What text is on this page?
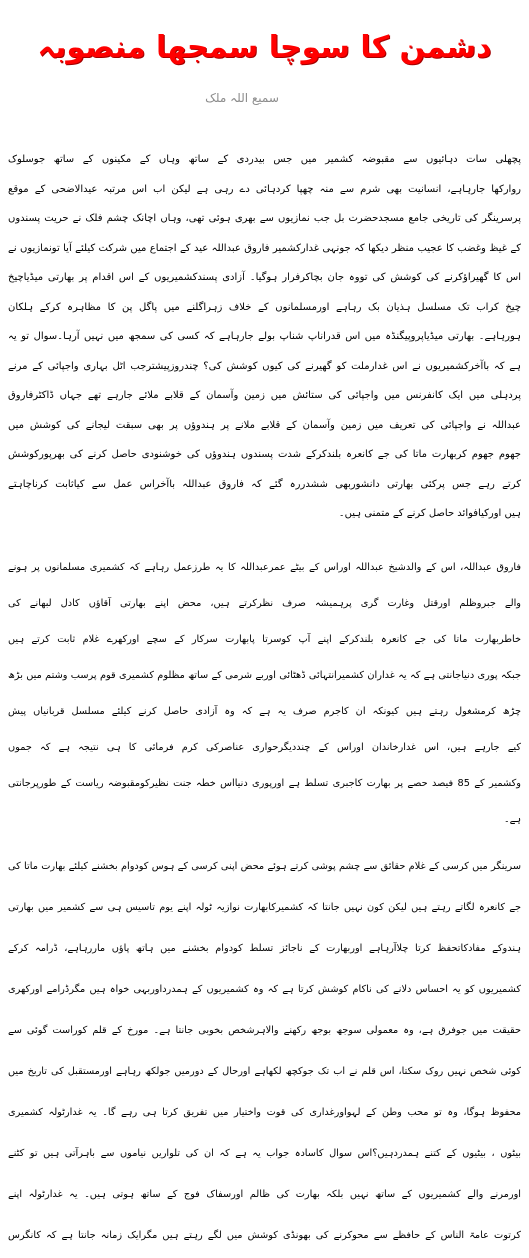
دشمن کا سوچا سمجھا منصوبہ
سمیع اللہ ملک
پچھلی سات دہائیوں سے مقبوضہ کشمیر میں جس بیدردی کے ساتھ وہاں کے مکینوں کے ساتھ جوسلوک
روارکھا جارہاہے، انسانیت بھی شرم سے منہ چھپا کردہائی دے رہی ہے لیکن اب اس مرتبہ عیدالاضحی کے موقع
پرسرینگر کی تاریخی جامع مسجدحضرت بل جب نمازیوں سے بھری ہوئی تھی، وہاں اچانک چشم فلک نے حریت پسندوں
کے غیظ وغضب کا عجیب منظر دیکھا کہ جونہی غدارکشمیر فاروق عبداللہ عید کے اجتماع میں شرکت کیلئے آیا تونمازیوں نے
اس کا گھیراؤکرنے کی کوشش کی تووہ جان بچاکرفرار ہوگیا۔ آزادی پسندکشمیریوں کے اس اقدام پر بھارتی میڈیاچیخ
چیخ کراب تک مسلسل ہذیان بک رہاہے اورمسلمانوں کے خلاف زہراگلنے میں پاگل پن کا مظاہرہ کرکے ہلکان
ہورہاہے۔ بھارتی میڈیاپروپیگنڈہ میں اس قدراناپ شناپ بولے جارہاہے کہ کسی کی سمجھ میں نہیں آرہا۔سوال تو یہ
ہے کہ باآخرکشمیریوں نے اس غدارملت کو گھیرنے کی کیوں کوشش کی؟ چندروزپیشترجب اٹل بہاری واجپائی کے مرنے
پردہلی میں ایک کانفرنس میں واجپائی کی ستائش میں زمین وآسمان کے قلابے ملائے جارہے تھے جہاں ڈاکٹرفاروق
عبداللہ نے واجپائی کی تعریف میں زمین وآسمان کے قلابے ملانے پر ہندوؤں پر بھی سبقت لیجانے کی کوشش میں
جھوم جھوم کربھارت ماتا کی جے کانعرہ بلندکرکے شدت پسندوں ہندوؤں کی خوشنودی حاصل کرنے کی بھرپورکوشش
کرتے رہے جس پرکئی بھارتی دانشوربھی ششدررہ گئے کہ فاروق عبداللہ باآخراس عمل سے کیاثابت کرناچاہتے
ہیں اورکیافوائد حاصل کرنے کے متمنی ہیں۔
فاروق عبداللہ، اس کے والدشیخ عبداللہ اوراس کے بیٹے عمرعبداللہ کا یہ طرزعمل رہاہے کہ کشمیری مسلمانوں پر ہونے
والے جبروظلم اورقتل وغارت گری پرہمیشہ صرف نظرکرتے ہیں، محض اپنے بھارتی آقاؤں کادل لبھانے کی
خاطربھارت ماتا کی جے کانعرہ بلندکرکے اپنے آپ کوسرتا پابھارت سرکار کے سچے اورکھرے غلام ثابت کرتے ہیں
جبکہ پوری دنیاجانتی ہے کہ یہ غداران کشمیرانتہائی ڈھٹائی اوربے شرمی کے ساتھ مظلوم کشمیری قوم پرسب وشتم میں بڑھ
چڑھ کرمشغول رہتے ہیں کیونکہ ان کاجرم صرف یہ ہے کہ وہ آزادی حاصل کرنے کیلئے مسلسل قربانیاں پیش
کیے جارہے ہیں، اس غدارخاندان اوراس کے چنددیگرحواری عناصرکی کرم فرمائی کا ہی نتیجہ ہے کہ جموں
وکشمیر کے 85 فیصد حصے پر بھارت کاجبری تسلط ہے اورپوری دنیااس خطہ جنت نظیرکومقبوضہ ریاست کے طورپرجانتی
ہے۔
سرینگر میں کرسی کے غلام حقائق سے چشم پوشی کرتے ہوئے محض اپنی کرسی کے ہوس کودوام بخشنے کیلئے بھارت ماتا کی
جے کانعرہ لگاتے رہتے ہیں لیکن کون نہیں جانتا کہ کشمیرکابھارت نوازیہ ٹولہ اپنے یوم تاسیس ہی سے کشمیر میں بھارتی
ہندوکے مفادکاتحفظ کرتا چلاآرہاہے اوربھارت کے ناجائز تسلط کودوام بخشنے میں ہاتھ پاؤں ماررہاہے، ڈرامہ کرکے
کشمیریوں کو یہ احساس دلانے کی ناکام کوشش کرتا ہے کہ وہ کشمیریوں کے ہمدرداوربہی خواہ ہیں مگرڈرامے اورکھری
حقیقت میں جوفرق ہے، وہ معمولی سوجھ بوجھ رکھنے والاہرشخص بخوبی جانتا ہے۔ مورخ کے قلم کوراست گوئی سے
کوئی شخص نہیں روک سکتا، اس قلم نے اب تک جوکچھ لکھاہے اورحال کے دورمیں جولکھ رہاہے اورمستقبل کی تاریخ میں
محفوظ ہوگا، وہ تو محب وطن کے لہواورغداری کی قوت واختیار میں تفریق کرتا ہی رہے گا۔ یہ غدارٹولہ کشمیری
بیٹوں ، بیٹیوں کے کتنے ہمدردہیں؟اس سوال کاسادہ جواب یہ ہے کہ ان کی تلواریں نیاموں سے باہرآتی ہیں تو کٹنے
اورمرنے والے کشمیریوں کے ساتھ نہیں بلکہ بھارت کی ظالم اورسفاک فوج کے ساتھ ہوتی ہیں۔ یہ غدارٹولہ اپنے
کرتوت عامۃ الناس کے حافظے سے محوکرنے کی بھونڈی کوشش میں لگے رہتے ہیں مگرایک زمانہ جانتا ہے کہ کانگرس
